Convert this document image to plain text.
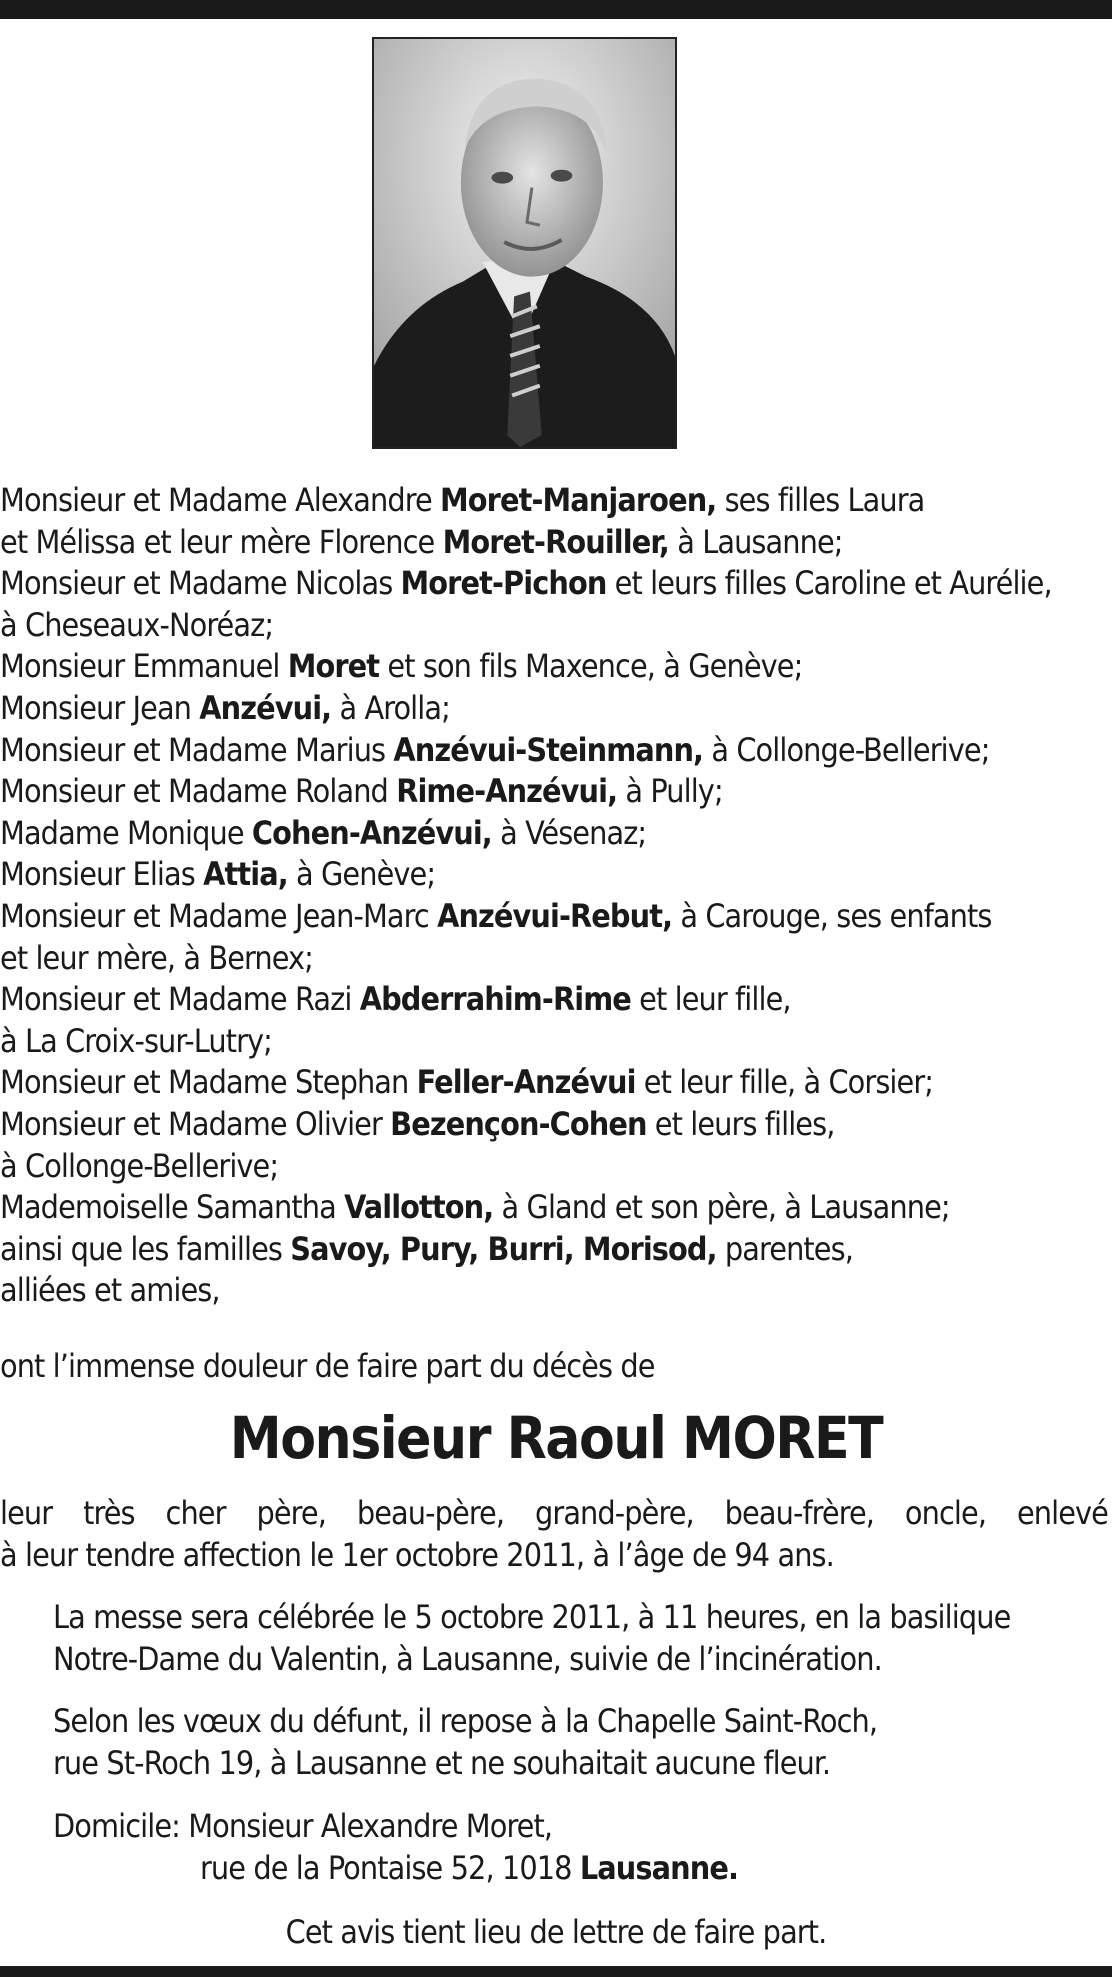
Monsieur et Madame Alexandre Moret-Manjaroen, ses filles Laura
et Mélissa et leur mère Florence Moret-Rouiller, à Lausanne;
Monsieur et Madame Nicolas Moret-Pichon et leurs filles Caroline et Aurélie,
à Cheseaux-Noréaz;
Monsieur Emmanuel Moret et son fils Maxence, à Genève;
Monsieur Jean Anzévui, à Arolla;
Monsieur et Madame Marius Anzévui-Steinmann, à Collonge-Bellerive;
Monsieur et Madame Roland Rime-Anzévui, à Pully;
Madame Monique Cohen-Anzévui, à Vésenaz;
Monsieur Elias Attia, à Genève;
Monsieur et Madame Jean-Marc Anzévui-Rebut, à Carouge, ses enfants
et leur mère, à Bernex;
Monsieur et Madame Razi Abderrahim-Rime et leur fille,
à La Croix-sur-Lutry;
Monsieur et Madame Stephan Feller-Anzévui et leur fille, à Corsier;
Monsieur et Madame Olivier Bezençon-Cohen et leurs filles,
à Collonge-Bellerive;
Mademoiselle Samantha Vallotton, à Gland et son père, à Lausanne;
ainsi que les familles Savoy, Pury, Burri, Morisod, parentes,
alliées et amies,
ont l’immense douleur de faire part du décès de
Monsieur Raoul MORET
leur très cher père, beau-père, grand-père, beau-frère, oncle, enlevé
à leur tendre affection le 1er octobre 2011, à l’âge de 94 ans.
La messe sera célébrée le 5 octobre 2011, à 11 heures, en la basilique
Notre-Dame du Valentin, à Lausanne, suivie de l’incinération.
Selon les vœux du défunt, il repose à la Chapelle Saint-Roch,
rue St-Roch 19, à Lausanne et ne souhaitait aucune fleur.
Domicile: Monsieur Alexandre Moret,
rue de la Pontaise 52, 1018 Lausanne.
Cet avis tient lieu de lettre de faire part.
